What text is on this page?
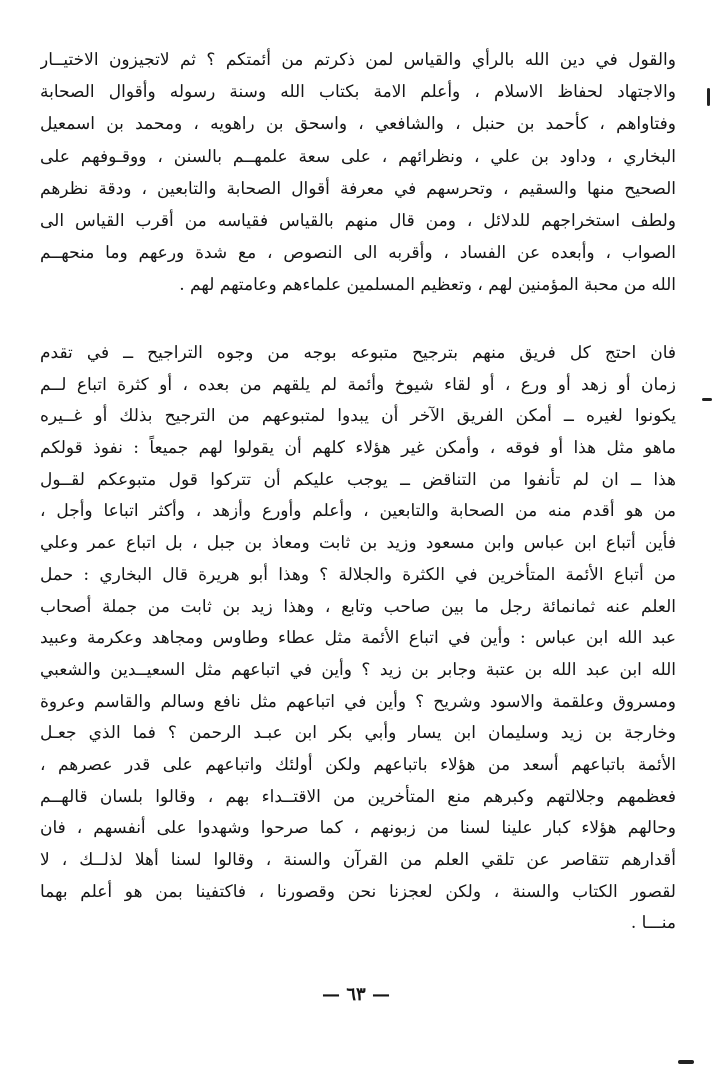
والقول في دين الله بالرأي والقياس لمن ذكرتم من أئمتكم ؟ ثم لاتجيزون الاختيــار
والاجتهاد لحفاظ الاسلام ، وأعلم الامة بكتاب الله وسنة رسوله وأقوال الصحابة
وفتاواهم ، كأحمد بن حنبل ، والشافعي ، واسحق بن راهويه ، ومحمد بن اسمعيل
البخاري ، وداود بن علي ، ونظرائهم ، على سعة علمهــم بالسنن ، ووقـوفهم على
الصحيح منها والسقيم ، وتحرسهم في معرفة أقوال الصحابة والتابعين ، ودقة نظرهم
ولطف استخراجهم للدلائل ، ومن قال منهم بالقياس فقياسه من أقرب القياس الى
الصواب ، وأبعده عن الفساد ، وأقربه الى النصوص ، مع شدة ورعهم وما منحهــم
الله من محبة المؤمنين لهم ، وتعظيم المسلمين علماءهم وعامتهم لهم .
فان احتج كل فريق منهم بترجيح متبوعه بوجه من وجوه التراجيح ــ في تقدم
زمان أو زهد أو ورع ، أو لقاء شيوخ وأئمة لم يلقهم من بعده ، أو كثرة اتباع لــم
يكونوا لغيره ــ أمكن الفريق الآخر أن يبدوا لمتبوعهم من الترجيح بذلك أو غــيره
ماهو مثل هذا أو فوقه ، وأمكن غير هؤلاء كلهم أن يقولوا لهم جميعاً : نفوذ قولكم
هذا ــ ان لم تأنفوا من التناقض ــ يوجب عليكم أن تتركوا قول متبوعكم لقــول
من هو أقدم منه من الصحابة والتابعين ، وأعلم وأورع وأزهد ، وأكثر اتباعا وأجل ،
فأين أتباع ابن عباس وابن مسعود وزيد بن ثابت ومعاذ بن جبل ، بل اتباع عمر وعلي
من أتباع الأئمة المتأخرين في الكثرة والجلالة ؟ وهذا أبو هريرة قال البخاري : حمل
العلم عنه ثمانمائة رجل ما بين صاحب وتابع ، وهذا زيد بن ثابت من جملة أصحاب
عبد الله ابن عباس : وأين في اتباع الأئمة مثل عطاء وطاوس ومجاهد وعكرمة وعبيد
الله ابن عبد الله بن عتبة وجابر بن زيد ؟ وأين في اتباعهم مثل السعيــدين والشعبي
ومسروق وعلقمة والاسود وشريح ؟ وأين في اتباعهم مثل نافع وسالم والقاسم وعروة
وخارجة بن زيد وسليمان ابن يسار وأبي بكر ابن عبـد الرحمن ؟ فما الذي جعـل
الأئمة باتباعهم أسعد من هؤلاء باتباعهم ولكن أولئك واتباعهم على قدر عصرهم ،
فعظمهم وجلالتهم وكبرهم منع المتأخرين من الاقتــداء بهم ، وقالوا بلسان قالهــم
وحالهم هؤلاء كبار علينا لسنا من زبونهم ، كما صرحوا وشهدوا على أنفسهم ، فان
أقدارهم تتقاصر عن تلقي العلم من القرآن والسنة ، وقالوا لسنا أهلا لذلــك ، لا
لقصور الكتاب والسنة ، ولكن لعجزنا نحن وقصورنا ، فاكتفينا بمن هو أعلم بهما
منـــا .
— ٦٣ —
